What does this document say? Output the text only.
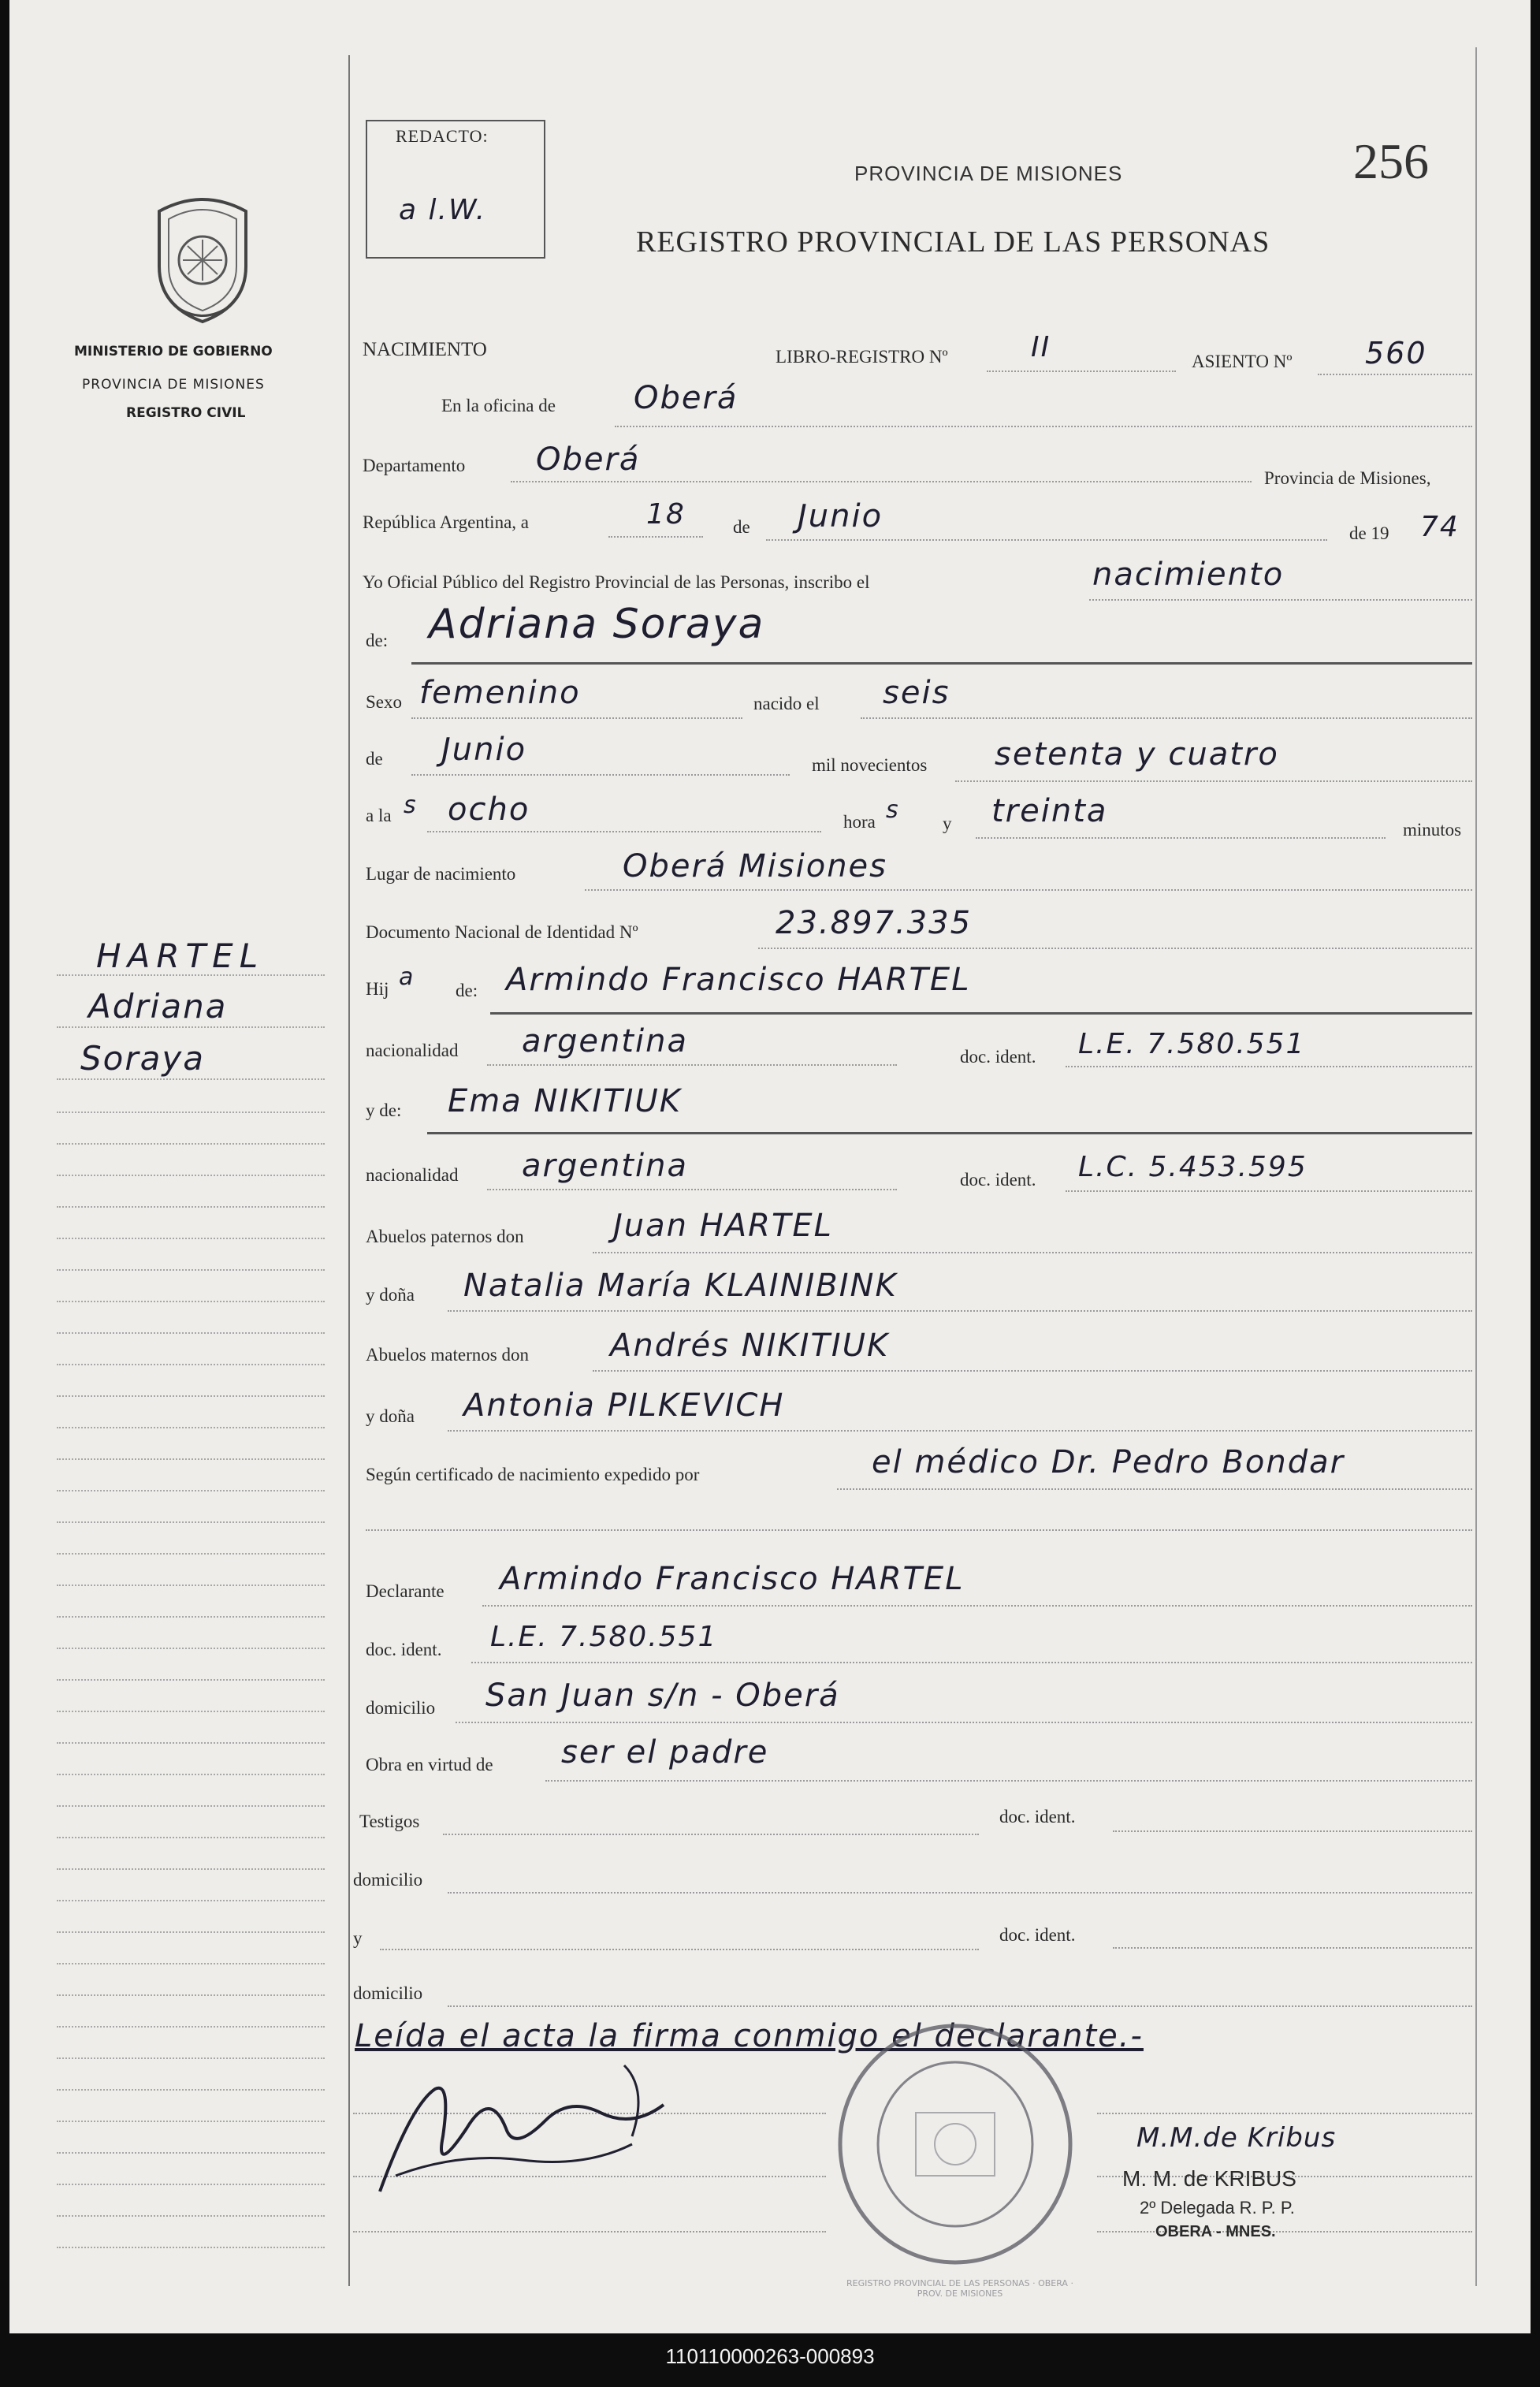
REDACTO:
a l.W.
PROVINCIA DE MISIONES	256
REGISTRO PROVINCIAL DE LAS PERSONAS
MINISTERIO DE GOBIERNO
PROVINCIA DE MISIONES
REGISTRO CIVIL
HARTEL
Adriana
Soraya
NACIMIENTO	LIBRO-REGISTRO Nº	II	ASIENTO Nº 560
En la oficina de Oberá
Departamento Oberá
Provincia de Misiones,
República Argentina, a	18	de Junio	de 19 74
Yo Oficial Público del Registro Provincial de las Personas, inscribo el	nacimiento
de: Adriana Soraya
Sexo femenino	nacido el seis
de Junio	mil novecientos setenta y cuatro
a la s ocho	hora s y treinta
minutos
Lugar de nacimiento	Oberá Misiones
Documento Nacional de Identidad Nº	23.897.335
Hij a de: Armindo Francisco HARTEL
nacionalidad argentina	doc. ident. L.E. 7.580.551
y de: Ema NIKITIUK
nacionalidad argentina	doc. ident. L.C. 5.453.595
Abuelos paternos don	Juan HARTEL
y doña Natalia María KLAINIBINK
Abuelos maternos don	Andrés NIKITIUK
y doña Antonia PILKEVICH
Según certificado de nacimiento expedido por	el médico Dr. Pedro Bondar
Declarante Armindo Francisco HARTEL
doc. ident. L.E. 7.580.551
domicilio San Juan s/n - Oberá
Obra en virtud de ser el padre
Testigos	doc. ident.
domicilio
y	doc. ident.
domicilio
Leída el acta la firma conmigo el declarante.-
REGISTRO PROVINCIAL DE LAS PERSONAS · OBERA · PROV. DE MISIONES
M.M.de Kribus
M. M. de KRIBUS
2º Delegada R. P. P.
OBERA - MNES.
110110000263-000893
